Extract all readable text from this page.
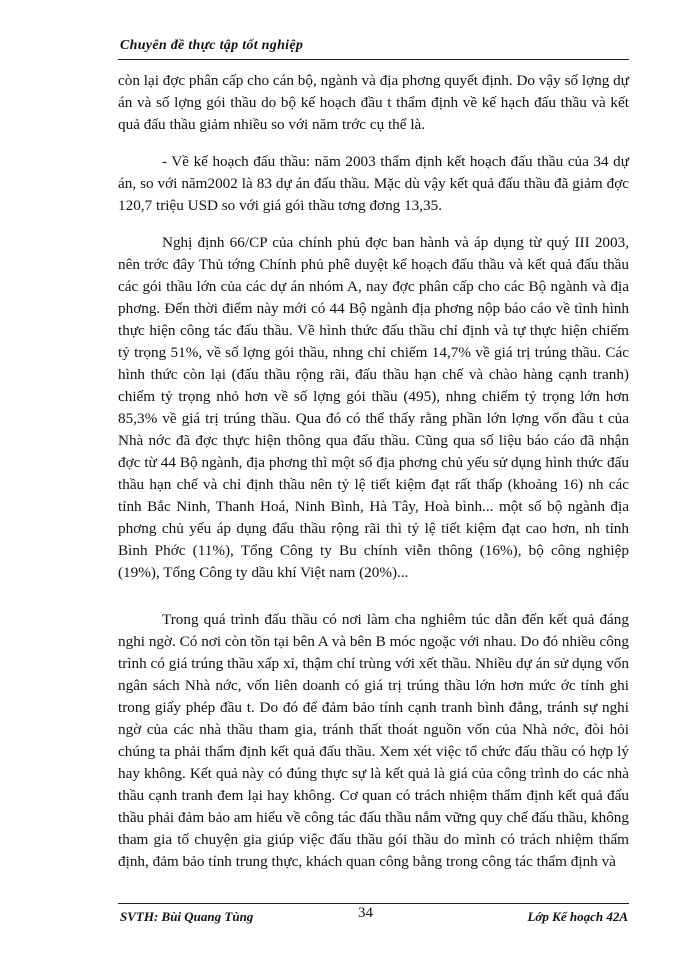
Chuyên đề thực tập tốt nghiệp

còn lại đợc phân cấp cho cán bộ, ngành và địa phơng quyết định. Do vậy số lợng dự án và số lợng gói thầu do bộ kế hoạch đầu t thẩm định về kế hạch đấu thầu và kết quả đấu thầu giảm nhiều so với năm trớc cụ thể là.

- Về kế hoạch đấu thầu: năm 2003 thẩm định kết hoạch đấu thầu của 34 dự án, so với năm2002 là 83 dự án đấu thầu. Mặc dù vậy kết quả đấu thầu đã giảm đợc 120,7 triệu USD so với giá gói thầu tơng đơng 13,35.

Nghị định 66/CP của chính phủ đợc ban hành và áp dụng từ quý III 2003, nên trớc đây Thủ tớng Chính phủ phê duyệt kế hoạch đấu thầu và kết quả đấu thầu các gói thầu lớn của các dự án nhóm A, nay đợc phân cấp cho các Bộ ngành và địa phơng. Đến thời điểm này mới có 44 Bộ ngành địa phơng nộp báo cáo về tình hình thực hiện công tác đấu thầu. Về hình thức đấu thầu chỉ định và tự thực hiện chiếm tỷ trọng 51%, về số lợng gói thầu, nhng chỉ chiếm 14,7% về giá trị trúng thầu. Các hình thức còn lại (đấu thầu rộng rãi, đấu thầu hạn chế và chào hàng cạnh tranh) chiếm tỷ trọng nhỏ hơn về số lợng gói thầu (495), nhng chiếm tỷ trọng lớn hơn 85,3% về giá trị trúng thầu. Qua đó có thể thấy rằng phần lớn lợng vốn đầu t của Nhà nớc đã đợc thực hiện thông qua đấu thầu. Cũng qua số liệu báo cáo đã nhận đợc từ 44 Bộ ngành, địa phơng thì một số địa phơng chủ yếu sử dụng hình thức đấu thầu hạn chế và chỉ định thầu nên tỷ lệ tiết kiệm đạt rất thấp (khoảng 16) nh các tỉnh Bắc Ninh, Thanh Hoá, Ninh Bình, Hà Tây, Hoà bình... một số bộ ngành địa phơng chủ yếu áp dụng đấu thầu rộng rãi thì tỷ lệ tiết kiệm đạt cao hơn, nh tỉnh Bình Phớc (11%), Tổng Công ty Bu chính viễn thông (16%), bộ công nghiệp (19%), Tổng Công ty dầu khí Việt nam (20%)...

Trong quá trình đấu thầu có nơi làm cha nghiêm túc dẫn đến kết quả đáng nghi ngờ. Có nơi còn tồn tại bên A và bên B móc ngoặc với nhau. Do đó nhiều công trình có giá trúng thầu xấp xỉ, thậm chí trùng với xết thầu. Nhiều dự án sử dụng vốn ngân sách Nhà nớc, vốn liên doanh có giá trị trúng thầu lớn hơn mức ớc tính ghi trong giấy phép đầu t. Do đó để đảm bảo tính cạnh tranh bình đẳng, tránh sự nghi ngờ của các nhà thầu tham gia, tránh thất thoát nguồn vốn của Nhà nớc, đòi hỏi chúng ta phải thẩm định kết quả đấu thầu. Xem xét việc tổ chức đấu thầu có hợp lý hay không. Kết quả này có đúng thực sự là kết quả là giá của công trình do các nhà thầu cạnh tranh đem lại hay không. Cơ quan có trách nhiệm thẩm định kết quả đấu thầu phải đảm bảo am hiểu về công tác đấu thầu nắm vững quy chế đấu thầu, không tham gia tố chuyện gia giúp việc đấu thầu gói thầu do mình có trách nhiệm thẩm định, đảm bảo tính trung thực, khách quan công bằng trong công tác thẩm định và

SVTH: Bùi Quang Tùng	34	Lớp Kế hoạch 42A
